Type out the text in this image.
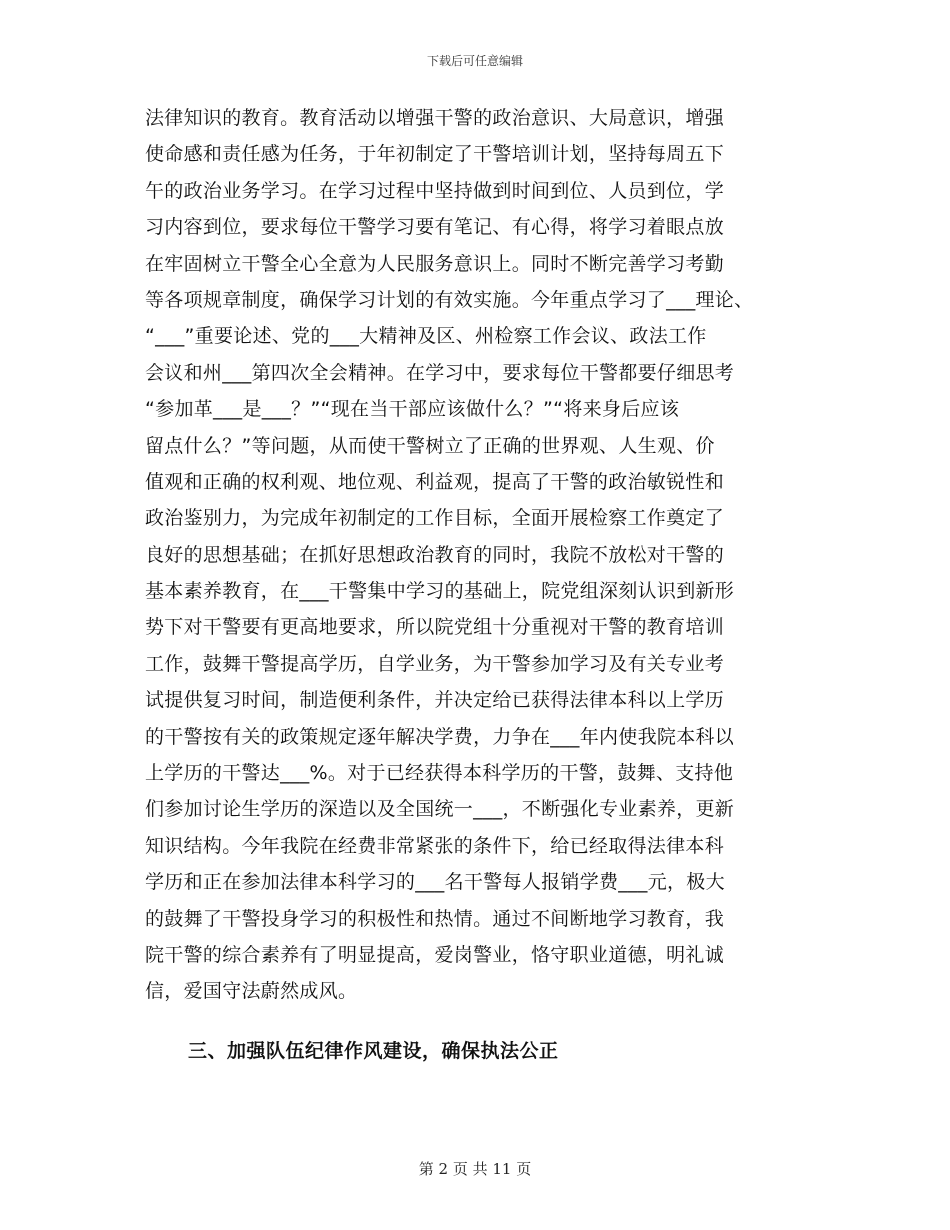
下载后可任意编辑
法律知识的教育。教育活动以增强干警的政治意识、大局意识，增强
使命感和责任感为任务，于年初制定了干警培训计划，坚持每周五下
午的政治业务学习。在学习过程中坚持做到时间到位、人员到位，学
习内容到位，要求每位干警学习要有笔记、有心得，将学习着眼点放
在牢固树立干警全心全意为人民服务意识上。同时不断完善学习考勤
等各项规章制度，确保学习计划的有效实施。今年重点学习了___理论、
“___”重要论述、党的___大精神及区、州检察工作会议、政法工作
会议和州___第四次全会精神。在学习中，要求每位干警都要仔细思考
“参加革___是___？”“现在当干部应该做什么？”“将来身后应该
留点什么？”等问题，从而使干警树立了正确的世界观、人生观、价
值观和正确的权利观、地位观、利益观，提高了干警的政治敏锐性和
政治鉴别力，为完成年初制定的工作目标，全面开展检察工作奠定了
良好的思想基础；在抓好思想政治教育的同时，我院不放松对干警的
基本素养教育，在___干警集中学习的基础上，院党组深刻认识到新形
势下对干警要有更高地要求，所以院党组十分重视对干警的教育培训
工作，鼓舞干警提高学历，自学业务，为干警参加学习及有关专业考
试提供复习时间，制造便利条件，并决定给已获得法律本科以上学历
的干警按有关的政策规定逐年解决学费，力争在___年内使我院本科以
上学历的干警达___%。对于已经获得本科学历的干警，鼓舞、支持他
们参加讨论生学历的深造以及全国统一___，不断强化专业素养，更新
知识结构。今年我院在经费非常紧张的条件下，给已经取得法律本科
学历和正在参加法律本科学习的___名干警每人报销学费___元，极大
的鼓舞了干警投身学习的积极性和热情。通过不间断地学习教育，我
院干警的综合素养有了明显提高，爱岗警业，恪守职业道德，明礼诚
信，爱国守法蔚然成风。
三、加强队伍纪律作风建设，确保执法公正
第 2 页 共 11 页
